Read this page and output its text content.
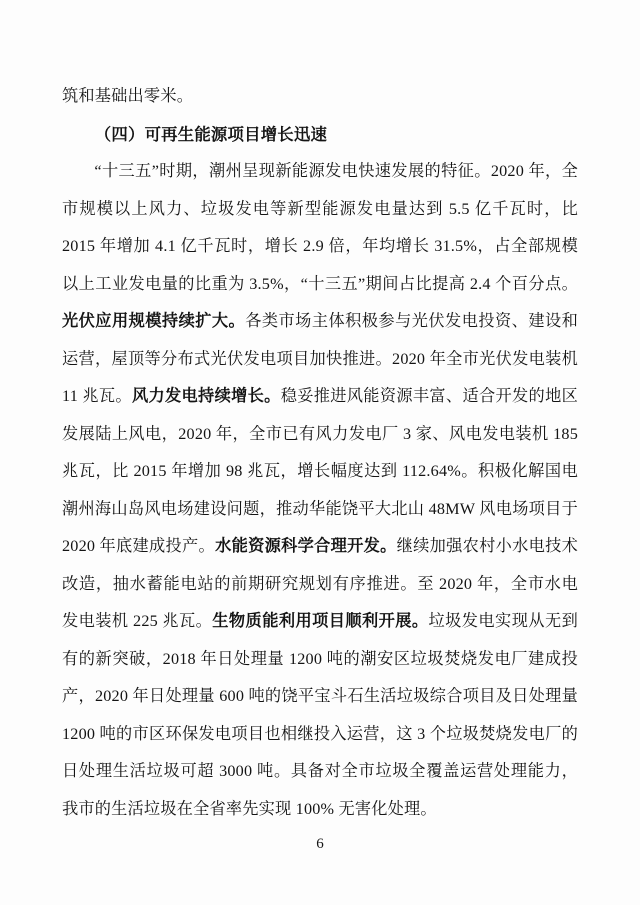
筑和基础出零米。

（四）可再生能源项目增长迅速

“十三五”时期，潮州呈现新能源发电快速发展的特征。2020 年，全市规模以上风力、垃圾发电等新型能源发电量达到 5.5 亿千瓦时，比 2015 年增加 4.1 亿千瓦时，增长 2.9 倍，年均增长 31.5%，占全部规模以上工业发电量的比重为 3.5%，“十三五”期间占比提高 2.4 个百分点。光伏应用规模持续扩大。各类市场主体积极参与光伏发电投资、建设和运营，屋顶等分布式光伏发电项目加快推进。2020 年全市光伏发电装机 11 兆瓦。风力发电持续增长。稳妥推进风能资源丰富、适合开发的地区发展陆上风电，2020 年，全市已有风力发电厂 3 家、风电发电装机 185 兆瓦，比 2015 年增加 98 兆瓦，增长幅度达到 112.64%。积极化解国电潮州海山岛风电场建设问题，推动华能饶平大北山 48MW 风电场项目于 2020 年底建成投产。水能资源科学合理开发。继续加强农村小水电技术改造，抽水蓄能电站的前期研究规划有序推进。至 2020 年，全市水电发电装机 225 兆瓦。生物质能利用项目顺利开展。垃圾发电实现从无到有的新突破，2018 年日处理量 1200 吨的潮安区垃圾焚烧发电厂建成投产，2020 年日处理量 600 吨的饶平宝斗石生活垃圾综合项目及日处理量 1200 吨的市区环保发电项目也相继投入运营，这 3 个垃圾焚烧发电厂的日处理生活垃圾可超 3000 吨。具备对全市垃圾全覆盖运营处理能力，我市的生活垃圾在全省率先实现 100% 无害化处理。

6
